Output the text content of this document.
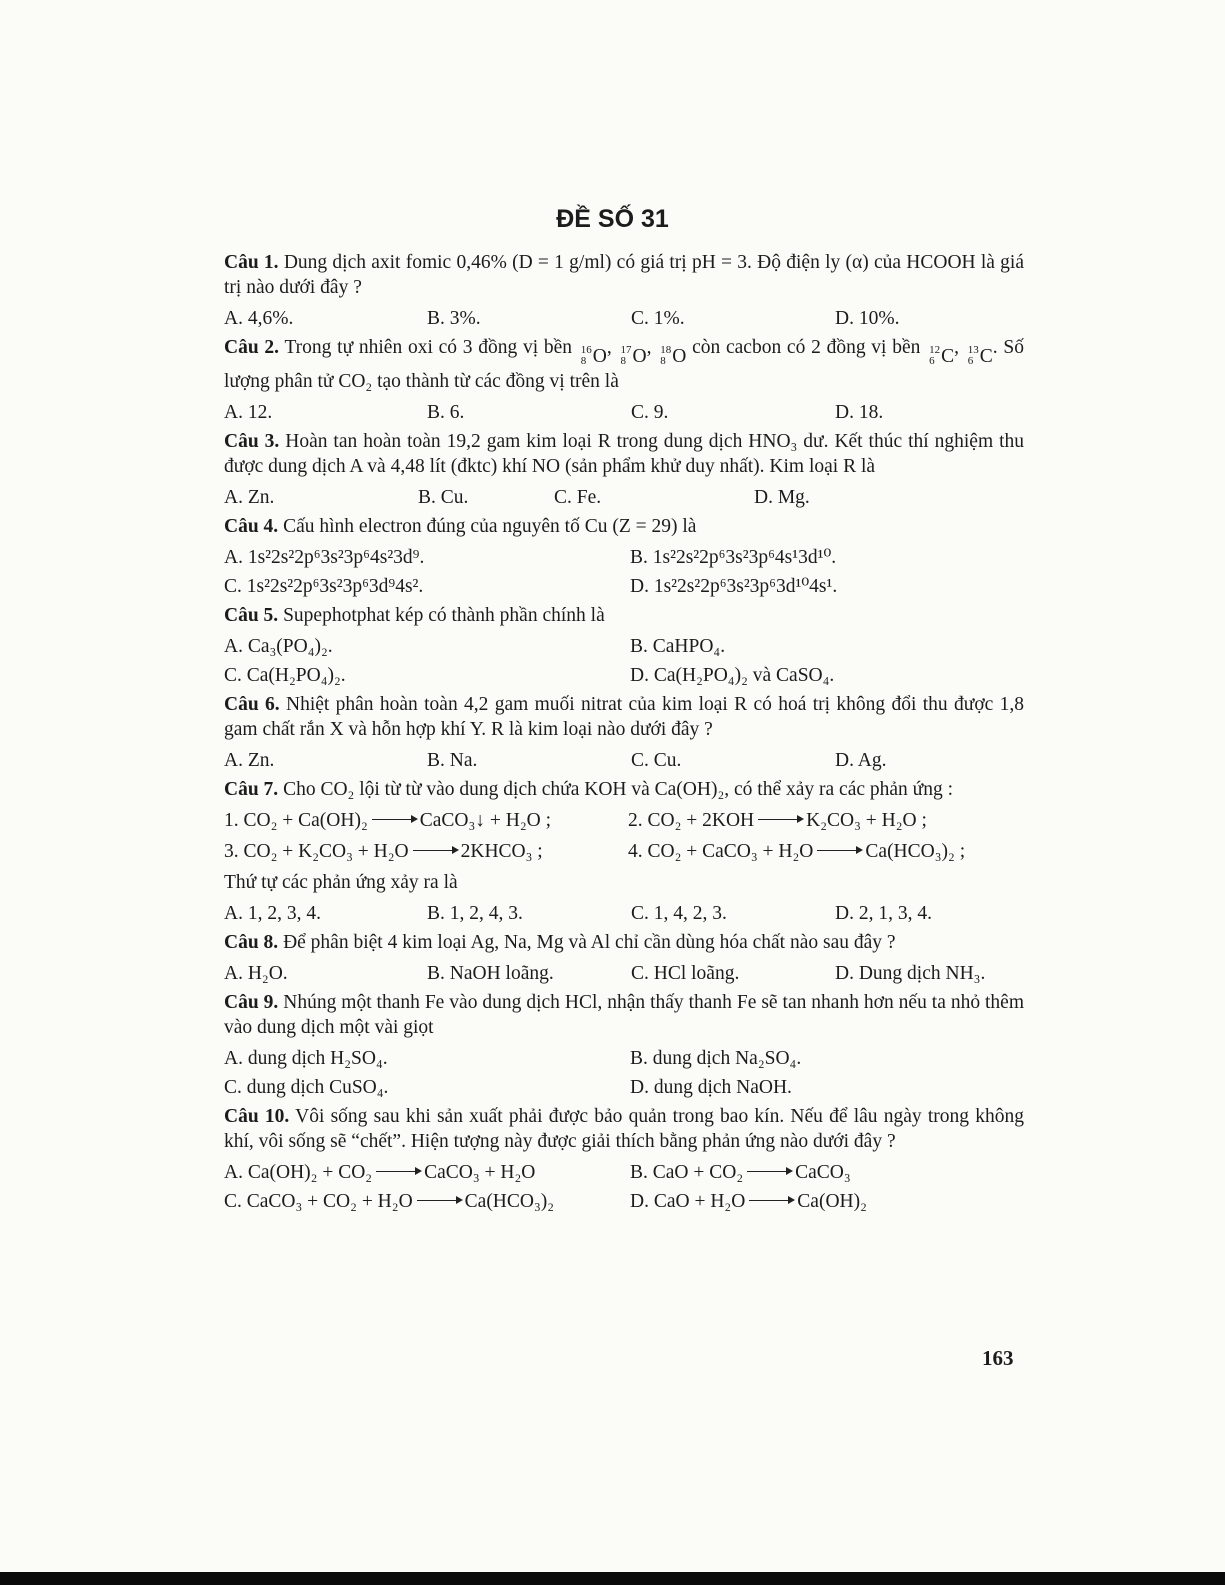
ĐỀ SỐ 31

Câu 1. Dung dịch axit fomic 0,46% (D = 1 g/ml) có giá trị pH = 3. Độ điện ly (α) của HCOOH là giá trị nào dưới đây ?

A. 4,6%.	B. 3%.	C. 1%.	D. 10%.

Câu 2. Trong tự nhiên oxi có 3 đồng vị bền 16
8 O , 17
8 O , 18
8 O còn cacbon có 2 đồng vị bền 12
6 C , 13
6 C . Số lượng phân tử CO₂ tạo thành từ các đồng vị trên là

A. 12.	B. 6.	C. 9.	D. 18.

Câu 3. Hoàn tan hoàn toàn 19,2 gam kim loại R trong dung dịch HNO₃ dư. Kết thúc thí nghiệm thu được dung dịch A và 4,48 lít (đktc) khí NO (sản phẩm khử duy nhất). Kim loại R là

A. Zn.	B. Cu.	C. Fe.	D. Mg.

Câu 4. Cấu hình electron đúng của nguyên tố Cu (Z = 29) là

A. 1s²2s²2p⁶3s²3p⁶4s²3d⁹.	B. 1s²2s²2p⁶3s²3p⁶4s¹3d¹⁰.
C. 1s²2s²2p⁶3s²3p⁶3d⁹4s².	D. 1s²2s²2p⁶3s²3p⁶3d¹⁰4s¹.

Câu 5. Supephotphat kép có thành phần chính là

A. Ca₃(PO₄)₂.	B. CaHPO₄.
C. Ca(H₂PO₄)₂.	D. Ca(H₂PO₄)₂ và CaSO₄.

Câu 6. Nhiệt phân hoàn toàn 4,2 gam muối nitrat của kim loại R có hoá trị không đổi thu được 1,8 gam chất rắn X và hỗn hợp khí Y. R là kim loại nào dưới đây ?

A. Zn.	B. Na.	C. Cu.	D. Ag.

Câu 7. Cho CO₂ lội từ từ vào dung dịch chứa KOH và Ca(OH)₂, có thể xảy ra các phản ứng :

1. CO₂ + Ca(OH)₂	CaCO₃↓ + H₂O ;	2. CO₂ + 2KOH	K₂CO₃ + H₂O ;
3. CO₂ + K₂CO₃ + H₂O	2KHCO₃ ;	4. CO₂ + CaCO₃ + H₂O	Ca(HCO₃)₂ ;

Thứ tự các phản ứng xảy ra là

A. 1, 2, 3, 4.	B. 1, 2, 4, 3.	C. 1, 4, 2, 3.	D. 2, 1, 3, 4.

Câu 8. Để phân biệt 4 kim loại Ag, Na, Mg và Al chỉ cần dùng hóa chất nào sau đây ?

A. H₂O.	B. NaOH loãng.	C. HCl loãng.	D. Dung dịch NH₃.

Câu 9. Nhúng một thanh Fe vào dung dịch HCl, nhận thấy thanh Fe sẽ tan nhanh hơn nếu ta nhỏ thêm vào dung dịch một vài giọt

A. dung dịch H₂SO₄.	B. dung dịch Na₂SO₄.
C. dung dịch CuSO₄.	D. dung dịch NaOH.

Câu 10. Vôi sống sau khi sản xuất phải được bảo quản trong bao kín. Nếu để lâu ngày trong không khí, vôi sống sẽ “chết”. Hiện tượng này được giải thích bằng phản ứng nào dưới đây ?

A. Ca(OH)₂ + CO₂	CaCO₃ + H₂O	B. CaO + CO₂	CaCO₃
C. CaCO₃ + CO₂ + H₂O	Ca(HCO₃)₂	D. CaO + H₂O	Ca(OH)₂
163
